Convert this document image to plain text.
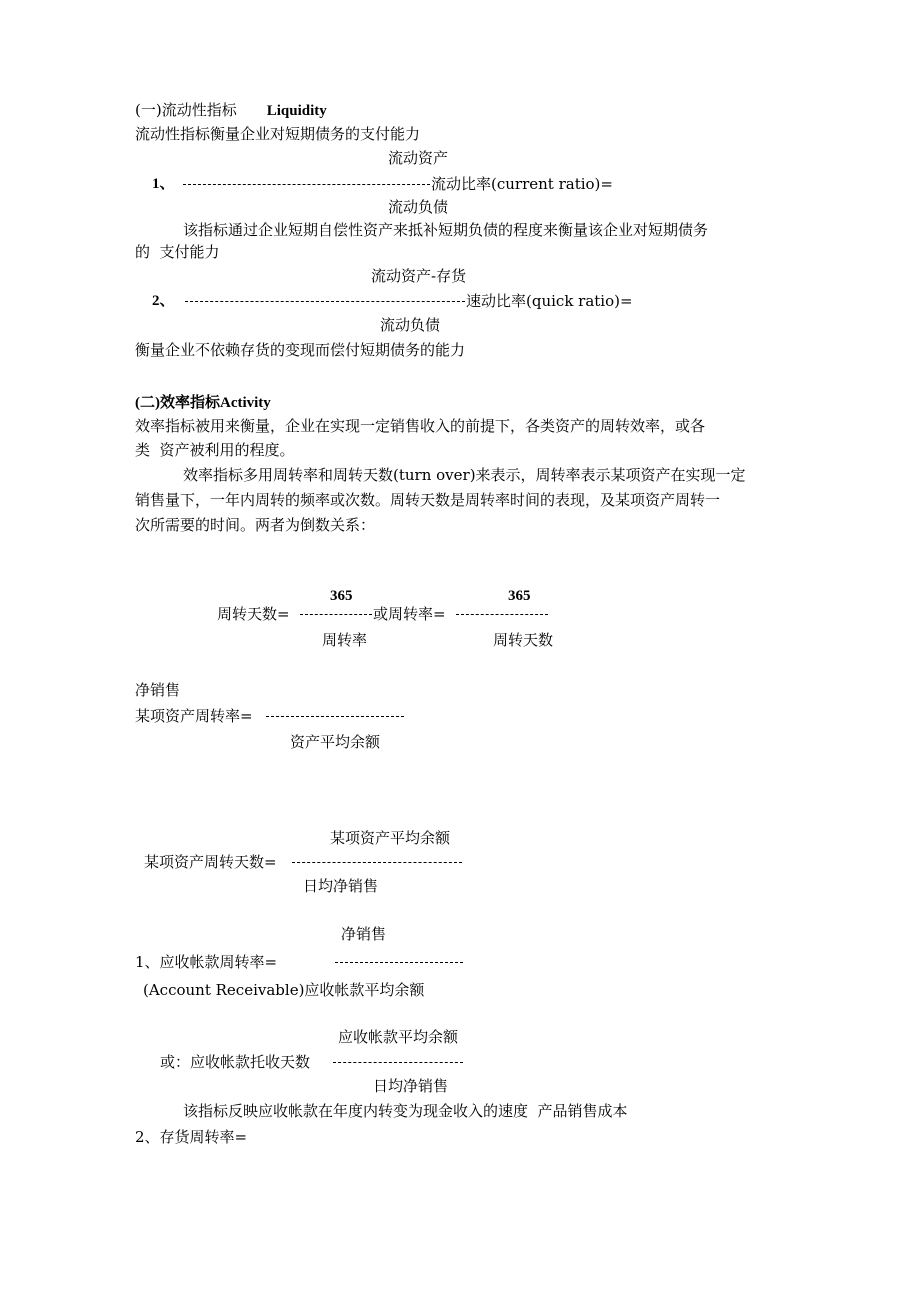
(一)流动性指标 Liquidity
流动性指标衡量企业对短期债务的支付能力
流动资产
1、	流动比率(current ratio)=
流动负债
该指标通过企业短期自偿性资产来抵补短期负债的程度来衡量该企业对短期债务
的  支付能力
流动资产-存货
2、	速动比率(quick ratio)=
流动负债
衡量企业不依赖存货的变现而偿付短期债务的能力
(二)效率指标Activity
效率指标被用来衡量，企业在实现一定销售收入的前提下，各类资产的周转效率，或各
类  资产被利用的程度。
效率指标多用周转率和周转天数(turn over)来表示，周转率表示某项资产在实现一定
销售量下，一年内周转的频率或次数。周转天数是周转率时间的表现，及某项资产周转一
次所需要的时间。两者为倒数关系：
365	365
周转天数=	或周转率=
周转率	周转天数
净销售
某项资产周转率=
资产平均余额
某项资产平均余额
某项资产周转天数=
日均净销售
净销售
1、应收帐款周转率=
(Account Receivable)应收帐款平均余额
应收帐款平均余额
或：应收帐款托收天数
日均净销售
该指标反映应收帐款在年度内转变为现金收入的速度  产品销售成本
2、存货周转率=
